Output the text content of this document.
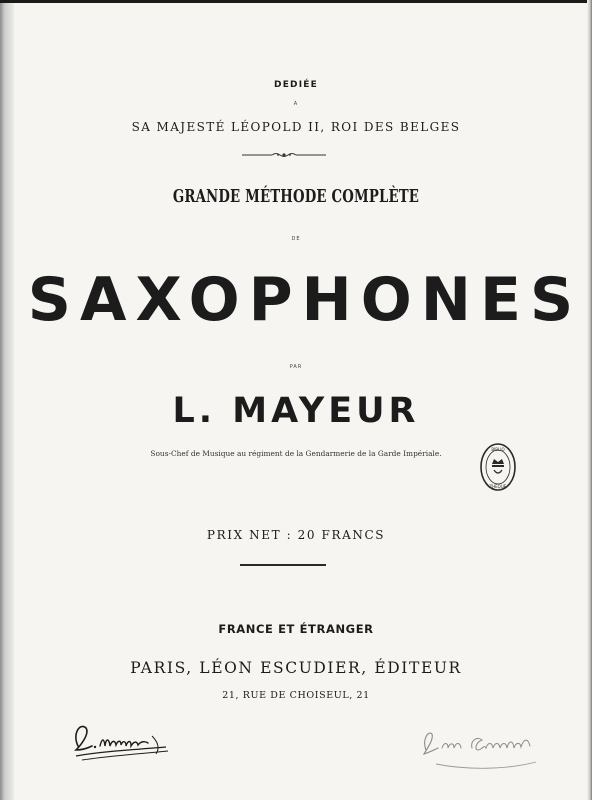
DEDIÉE
A
SA MAJESTÉ LÉOPOLD II, ROI DES BELGES
GRANDE MÉTHODE COMPLÈTE
DE
SAXOPHONES
PAR
L. MAYEUR
Sous-Chef de Musique au régiment de la Gendarmerie de la Garde Impériale.	BIBLIO
THÈQUE
PRIX NET : 20 FRANCS
FRANCE ET ÉTRANGER
PARIS, LÉON ESCUDIER, ÉDITEUR
21, RUE DE CHOISEUL, 21
